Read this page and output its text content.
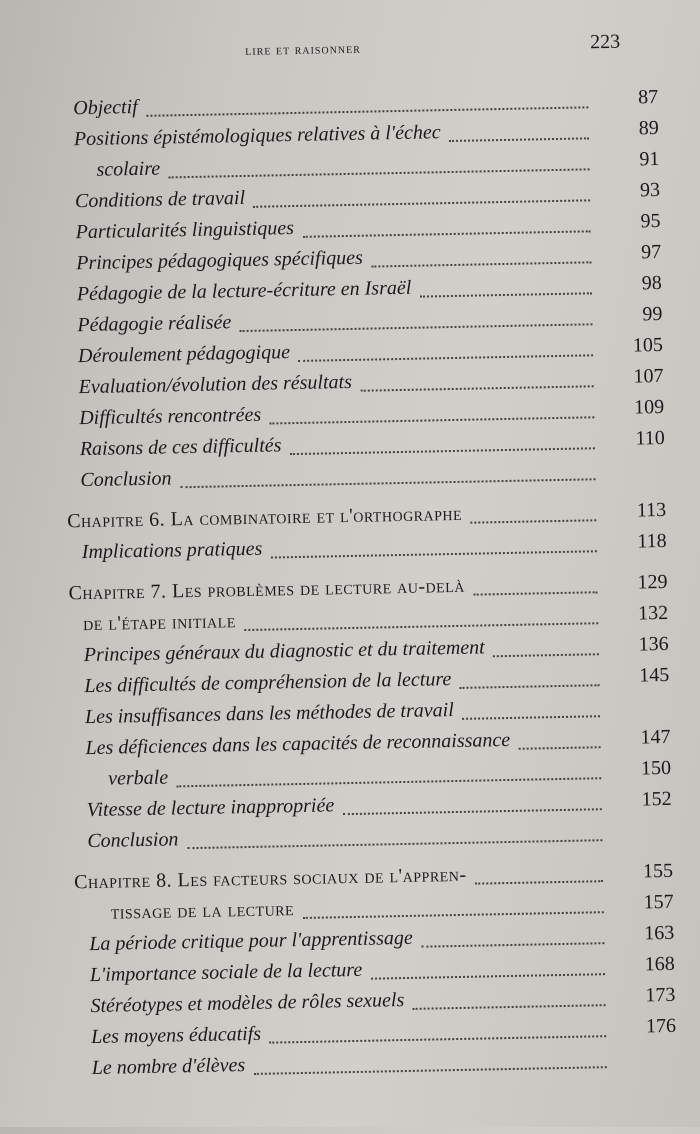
lire et raisonner	223
Objectif	87
Positions épistémologiques relatives à l'échec	89
scolaire	91
Conditions de travail	93
Particularités linguistiques	95
Principes pédagogiques spécifiques	97
Pédagogie de la lecture-écriture en Israël	98
Pédagogie réalisée	99
Déroulement pédagogique	105
Evaluation/évolution des résultats	107
Difficultés rencontrées	109
Raisons de ces difficultés	110
Conclusion
Chapitre 6. La combinatoire et l'orthographe	113
Implications pratiques	118
Chapitre 7. Les problèmes de lecture au-delà	129
de l'étape initiale	132
Principes généraux du diagnostic et du traitement	136
Les difficultés de compréhension de la lecture	145
Les insuffisances dans les méthodes de travail
Les déficiences dans les capacités de reconnaissance	147
verbale	150
Vitesse de lecture inappropriée	152
Conclusion
Chapitre 8. Les facteurs sociaux de l'appren-	155
tissage de la lecture	157
La période critique pour l'apprentissage	163
L'importance sociale de la lecture	168
Stéréotypes et modèles de rôles sexuels	173
Les moyens éducatifs	176
Le nombre d'élèves
